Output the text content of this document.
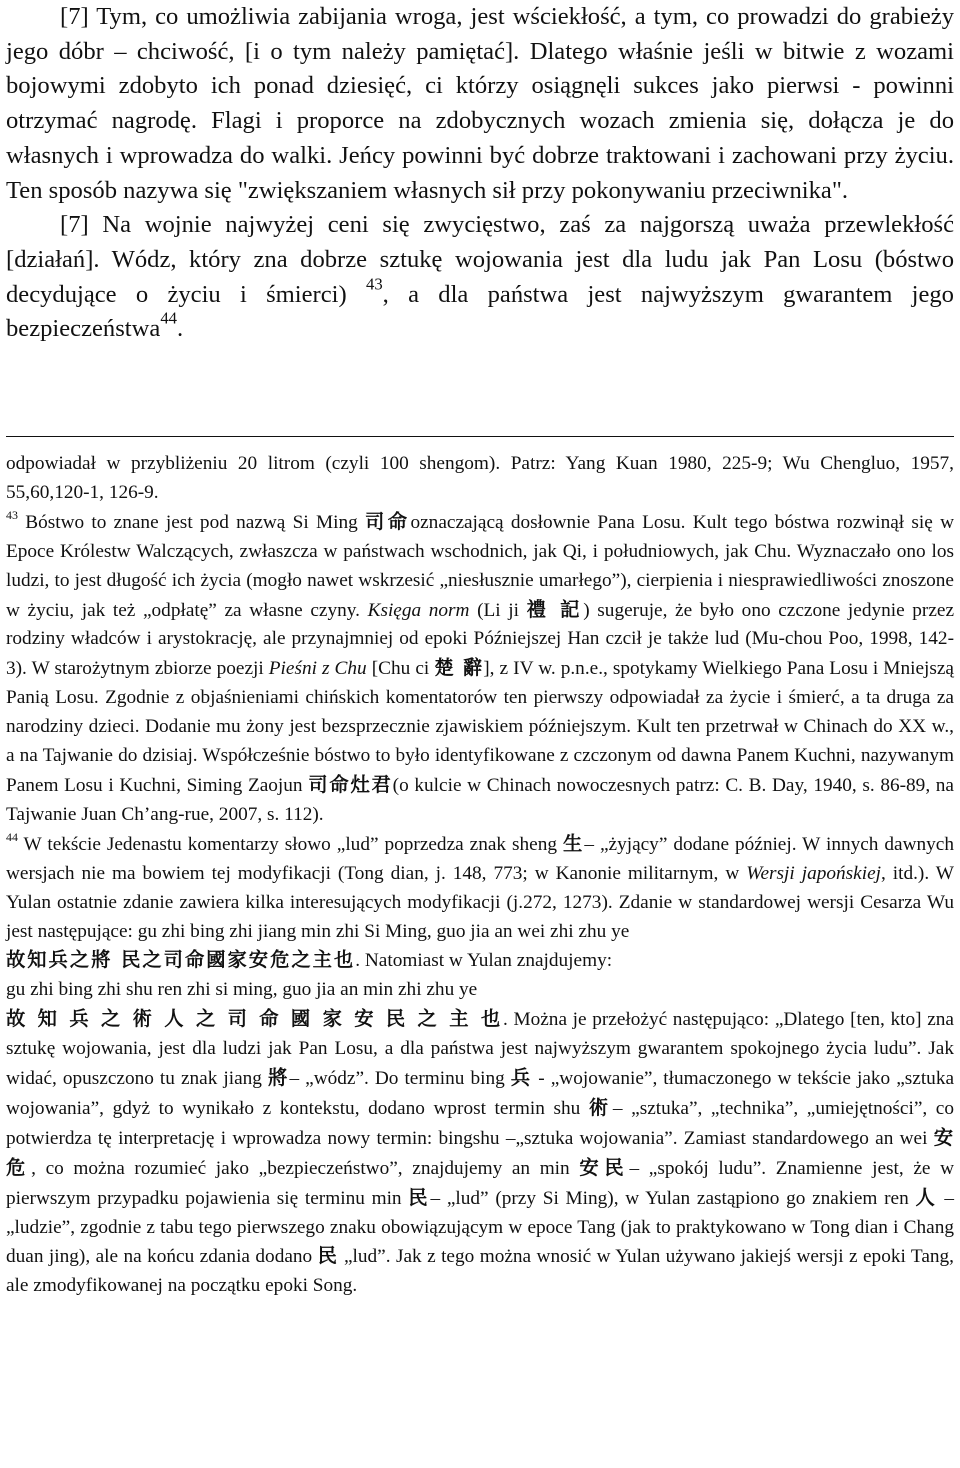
[7] Tym, co umożliwia zabijania wroga, jest wściekłość, a tym, co prowadzi do grabieży jego dóbr – chciwość, [i o tym należy pamiętać]. Dlatego właśnie jeśli w bitwie z wozami bojowymi zdobyto ich ponad dziesięć, ci którzy osiągnęli sukces jako pierwsi - powinni otrzymać nagrodę. Flagi i proporce na zdobycznych wozach zmienia się, dołącza je do własnych i wprowadza do walki. Jeńcy powinni być dobrze traktowani i zachowani przy życiu. Ten sposób nazywa się "zwiększaniem własnych sił przy pokonywaniu przeciwnika".

[7] Na wojnie najwyżej ceni się zwycięstwo, zaś za najgorszą uważa przewlekłość [działań]. Wódz, który zna dobrze sztukę wojowania jest dla ludu jak Pan Losu (bóstwo decydujące o życiu i śmierci) $^{43}$, a dla państwa jest najwyższym gwarantem jego bezpieczeństwa$^{44}$.

odpowiadał w przybliżeniu 20 litrom (czyli 100 shengom). Patrz: Yang Kuan 1980, 225-9; Wu Chengluo, 1957, 55,60,120-1, 126-9.

$^{43}$ Bóstwo to znane jest pod nazwą Si Ming 司命oznaczającą dosłownie Pana Losu. Kult tego bóstwa rozwinął się w Epoce Królestw Walczących, zwłaszcza w państwach wschodnich, jak Qi, i południowych, jak Chu. Wyznaczało ono los ludzi, to jest długość ich życia (mogło nawet wskrzesić „niesłusznie umarłego”), cierpienia i niesprawiedliwości znoszone w życiu, jak też „odpłatę” za własne czyny. Księga norm (Li ji 禮 記) sugeruje, że było ono czczone jedynie przez rodziny władców i arystokrację, ale przynajmniej od epoki Późniejszej Han czcił je także lud (Mu-chou Poo, 1998, 142-3). W starożytnym zbiorze poezji Pieśni z Chu [Chu ci 楚 辭], z IV w. p.n.e., spotykamy Wielkiego Pana Losu i Mniejszą Panią Losu. Zgodnie z objaśnieniami chińskich komentatorów ten pierwszy odpowiadał za życie i śmierć, a ta druga za narodziny dzieci. Dodanie mu żony jest bezsprzecznie zjawiskiem późniejszym. Kult ten przetrwał w Chinach do XX w., a na Tajwanie do dzisiaj. Współcześnie bóstwo to było identyfikowane z czczonym od dawna Panem Kuchni, nazywanym Panem Losu i Kuchni, Siming Zaojun 司命灶君(o kulcie w Chinach nowoczesnych patrz: C. B. Day, 1940, s. 86-89, na Tajwanie Juan Ch’ang-rue, 2007, s. 112).

$^{44}$ W tekście Jedenastu komentarzy słowo „lud” poprzedza znak sheng 生– „żyjący” dodane później. W innych dawnych wersjach nie ma bowiem tej modyfikacji (Tong dian, j. 148, 773; w Kanonie militarnym, w Wersji japońskiej, itd.). W Yulan ostatnie zdanie zawiera kilka interesujących modyfikacji (j.272, 1273). Zdanie w standardowej wersji Cesarza Wu jest następujące: gu zhi bing zhi jiang min zhi Si Ming, guo jia an wei zhi zhu ye
故知兵之將 民之司命國家安危之主也. Natomiast w Yulan znajdujemy:
gu zhi bing zhi shu ren zhi si ming, guo jia an min zhi zhu ye
故 知 兵 之 術 人 之 司 命 國 家 安 民 之 主 也. Można je przełożyć następująco: „Dlatego [ten, kto] zna sztukę wojowania, jest dla ludzi jak Pan Losu, a dla państwa jest najwyższym gwarantem spokojnego życia ludu”. Jak widać, opuszczono tu znak jiang 將– „wódz”. Do terminu bing 兵 - „wojowanie”, tłumaczonego w tekście jako „sztuka wojowania”, gdyż to wynikało z kontekstu, dodano wprost termin shu 術– „sztuka”, „technika”, „umiejętności”, co potwierdza tę interpretację i wprowadza nowy termin: bingshu –„sztuka wojowania”. Zamiast standardowego an wei 安危, co można rozumieć jako „bezpieczeństwo”, znajdujemy an min 安民– „spokój ludu”. Znamienne jest, że w pierwszym przypadku pojawienia się terminu min 民– „lud” (przy Si Ming), w Yulan zastąpiono go znakiem ren 人 – „ludzie”, zgodnie z tabu tego pierwszego znaku obowiązującym w epoce Tang (jak to praktykowano w Tong dian i Chang duan jing), ale na końcu zdania dodano 民 „lud”. Jak z tego można wnosić w Yulan używano jakiejś wersji z epoki Tang, ale zmodyfikowanej na początku epoki Song.
